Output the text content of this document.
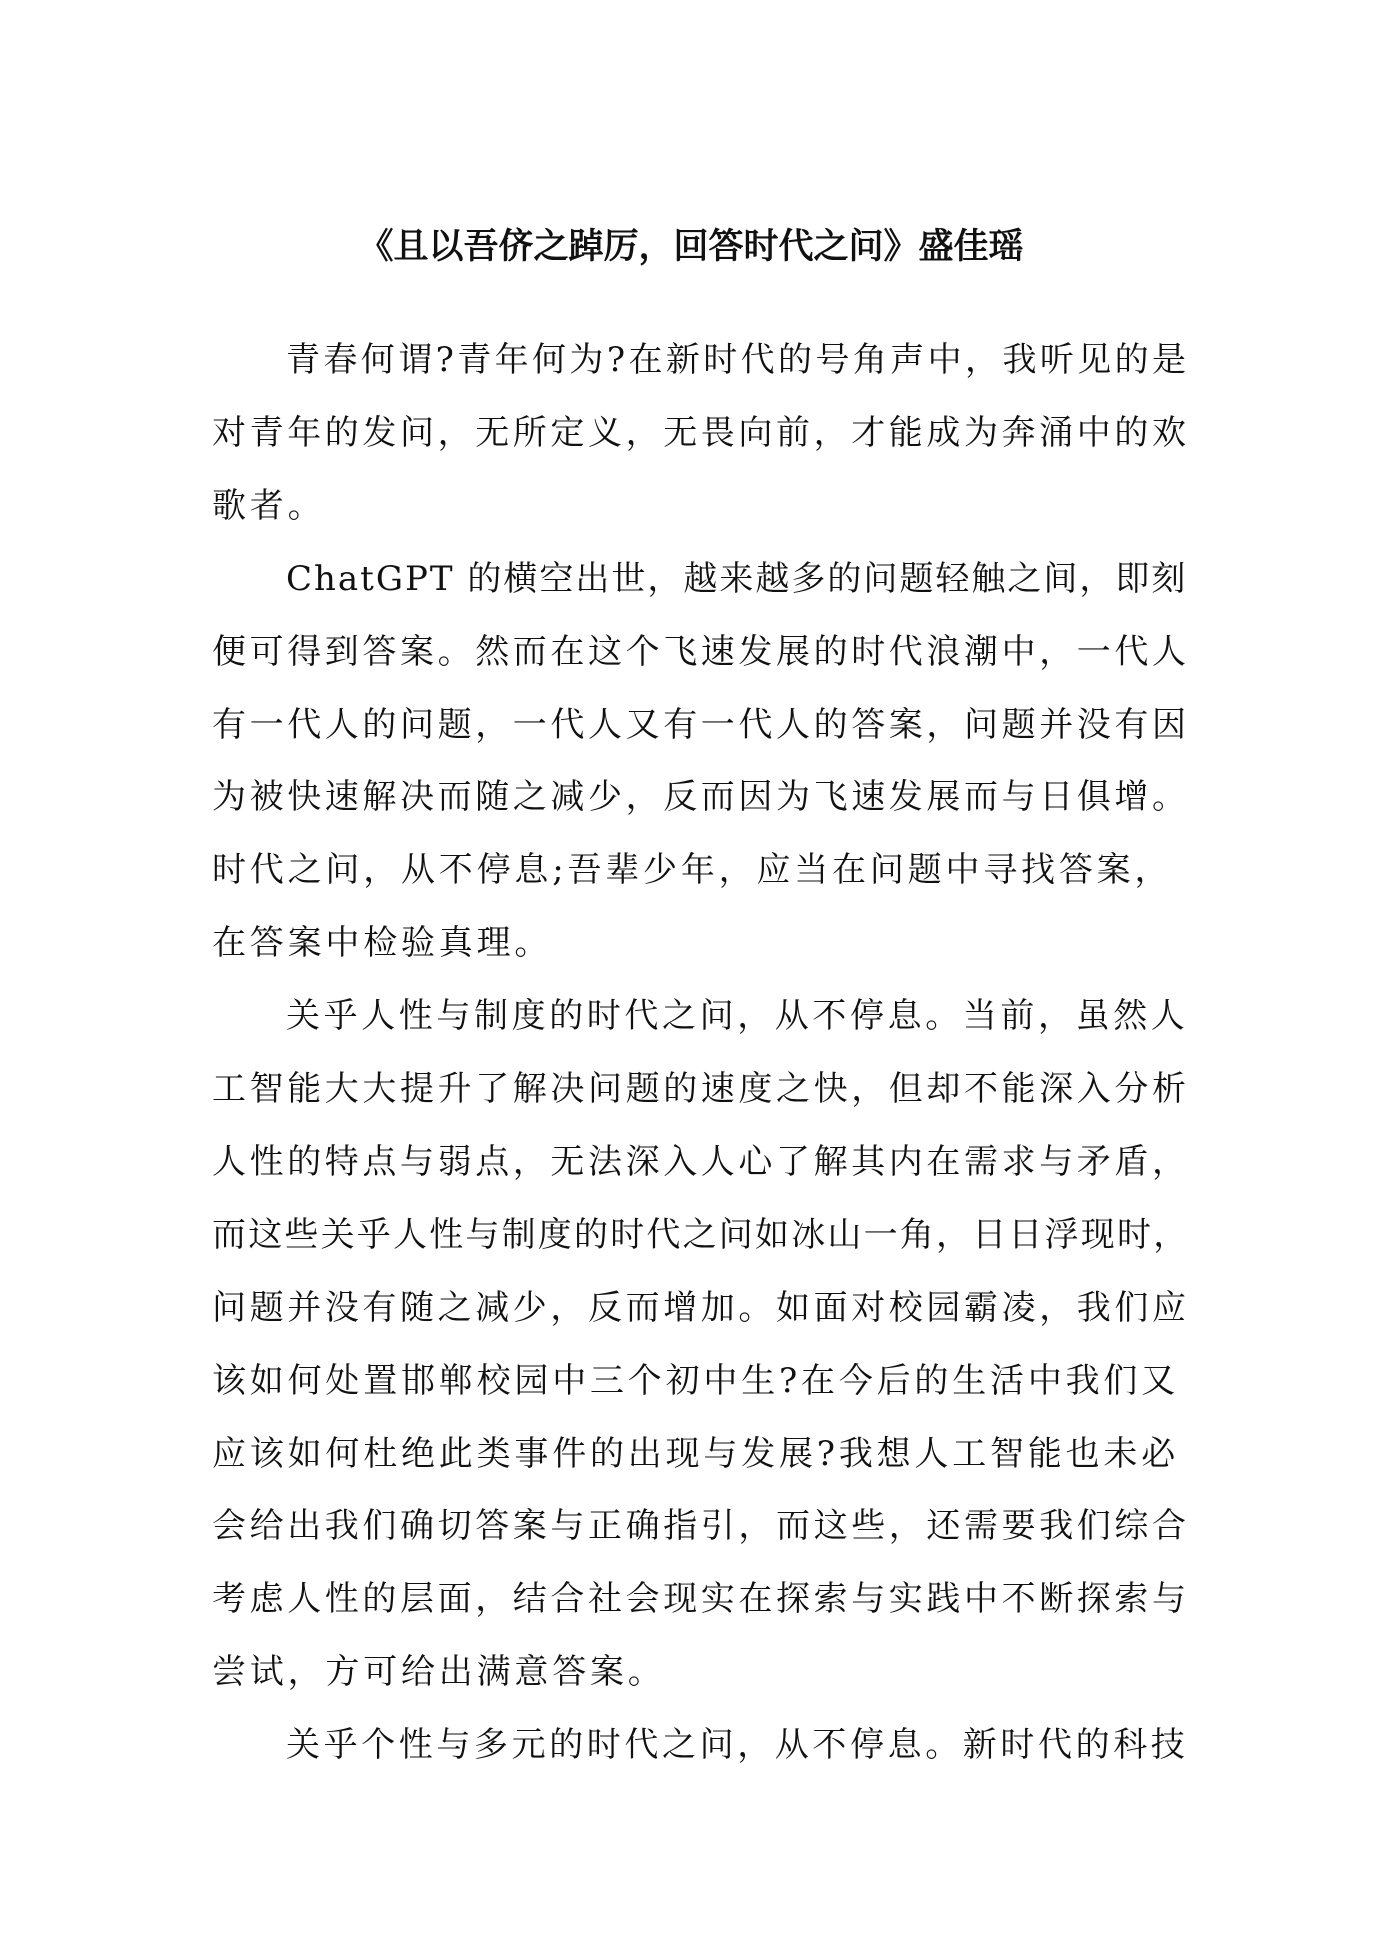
《且以吾侪之踔厉，回答时代之问》盛佳瑶
青春何谓?青年何为?在新时代的号角声中，我听见的是
对青年的发问，无所定义，无畏向前，才能成为奔涌中的欢
歌者。
ChatGPT 的横空出世，越来越多的问题轻触之间，即刻
便可得到答案。然而在这个飞速发展的时代浪潮中，一代人
有一代人的问题，一代人又有一代人的答案，问题并没有因
为被快速解决而随之减少，反而因为飞速发展而与日俱增。
时代之问，从不停息;吾辈少年，应当在问题中寻找答案，
在答案中检验真理。
关乎人性与制度的时代之问，从不停息。当前，虽然人
工智能大大提升了解决问题的速度之快，但却不能深入分析
人性的特点与弱点，无法深入人心了解其内在需求与矛盾，
而这些关乎人性与制度的时代之问如冰山一角，日日浮现时，
问题并没有随之减少，反而增加。如面对校园霸凌，我们应
该如何处置邯郸校园中三个初中生?在今后的生活中我们又
应该如何杜绝此类事件的出现与发展?我想人工智能也未必
会给出我们确切答案与正确指引，而这些，还需要我们综合
考虑人性的层面，结合社会现实在探索与实践中不断探索与
尝试，方可给出满意答案。
关乎个性与多元的时代之问，从不停息。新时代的科技
